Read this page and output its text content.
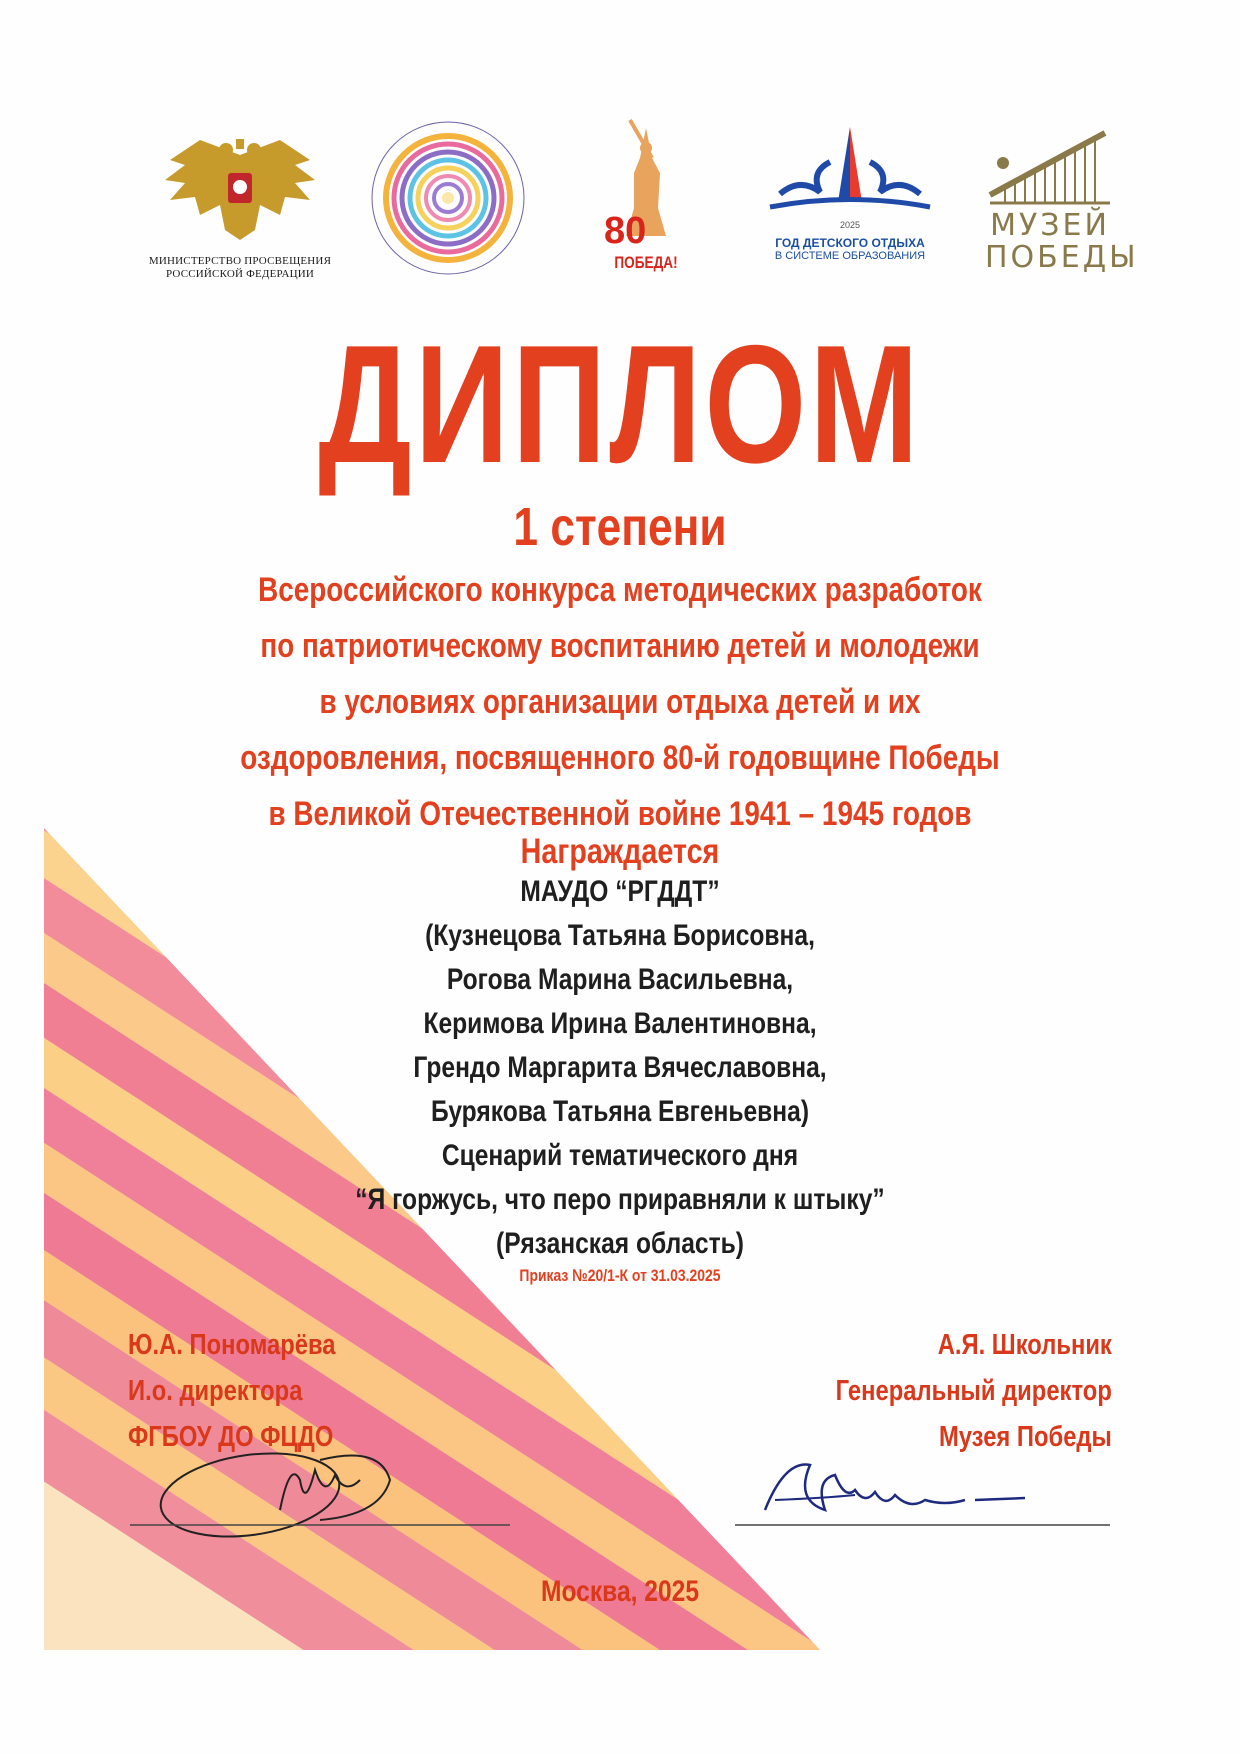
МИНИСТЕРСТВО ПРОСВЕЩЕНИЯ
РОССИЙСКОЙ ФЕДЕРАЦИИ
80
ПОБЕДА!
2025
ГОД ДЕТСКОГО ОТДЫХА
В СИСТЕМЕ ОБРАЗОВАНИЯ
МУЗЕЙ
ПОБЕДЫ
ДИПЛОМ
1 степени
Всероссийского конкурса методических разработок
по патриотическому воспитанию детей и молодежи
в условиях организации отдыха детей и их
оздоровления, посвященного 80-й годовщине Победы
в Великой Отечественной войне 1941 – 1945 годов
Награждается
МАУДО “РГДДТ”
(Кузнецова Татьяна Борисовна,
Рогова Марина Васильевна,
Керимова Ирина Валентиновна,
Грендо Маргарита Вячеславовна,
Бурякова Татьяна Евгеньевна)
Сценарий тематического дня
“Я горжусь, что перо приравняли к штыку”
(Рязанская область)
Приказ №20/1-К от 31.03.2025
Ю.А. Пономарёва
И.о. директора
ФГБОУ ДО ФЦДО
А.Я. Школьник
Генеральный директор
Музея Победы
Москва, 2025
